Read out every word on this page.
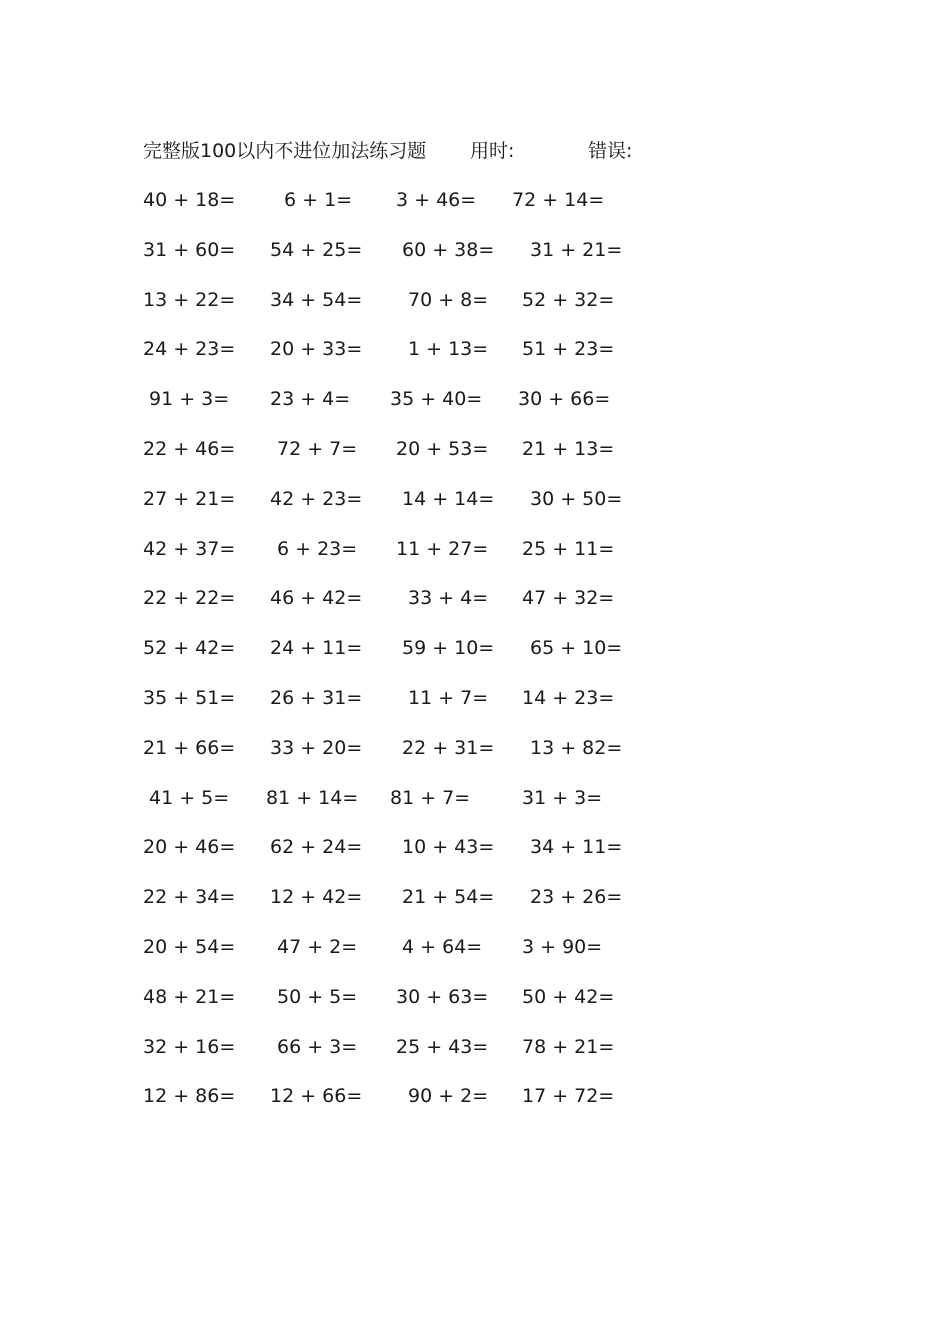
完整版100以内不进位加法练习题 用时:	错误:
40 + 18=	6 + 1= 3 + 46= 72 + 14=
31 + 60= 54 + 25= 60 + 38= 31 + 21=
13 + 22= 34 + 54= 70 + 8= 52 + 32=
24 + 23= 20 + 33= 1 + 13= 51 + 23=
91 + 3= 23 + 4= 35 + 40= 30 + 66=
22 + 46= 72 + 7= 20 + 53= 21 + 13=
27 + 21= 42 + 23= 14 + 14= 30 + 50=
42 + 37= 6 + 23= 11 + 27= 25 + 11=
22 + 22= 46 + 42= 33 + 4= 47 + 32=
52 + 42= 24 + 11= 59 + 10= 65 + 10=
35 + 51= 26 + 31= 11 + 7= 14 + 23=
21 + 66= 33 + 20= 22 + 31= 13 + 82=
41 + 5= 81 + 14= 81 + 7=	31 + 3=
20 + 46= 62 + 24= 10 + 43= 34 + 11=
22 + 34= 12 + 42= 21 + 54= 23 + 26=
20 + 54= 47 + 2= 4 + 64= 3 + 90=
48 + 21= 50 + 5= 30 + 63= 50 + 42=
32 + 16= 66 + 3= 25 + 43= 78 + 21=
12 + 86= 12 + 66= 90 + 2= 17 + 72=
